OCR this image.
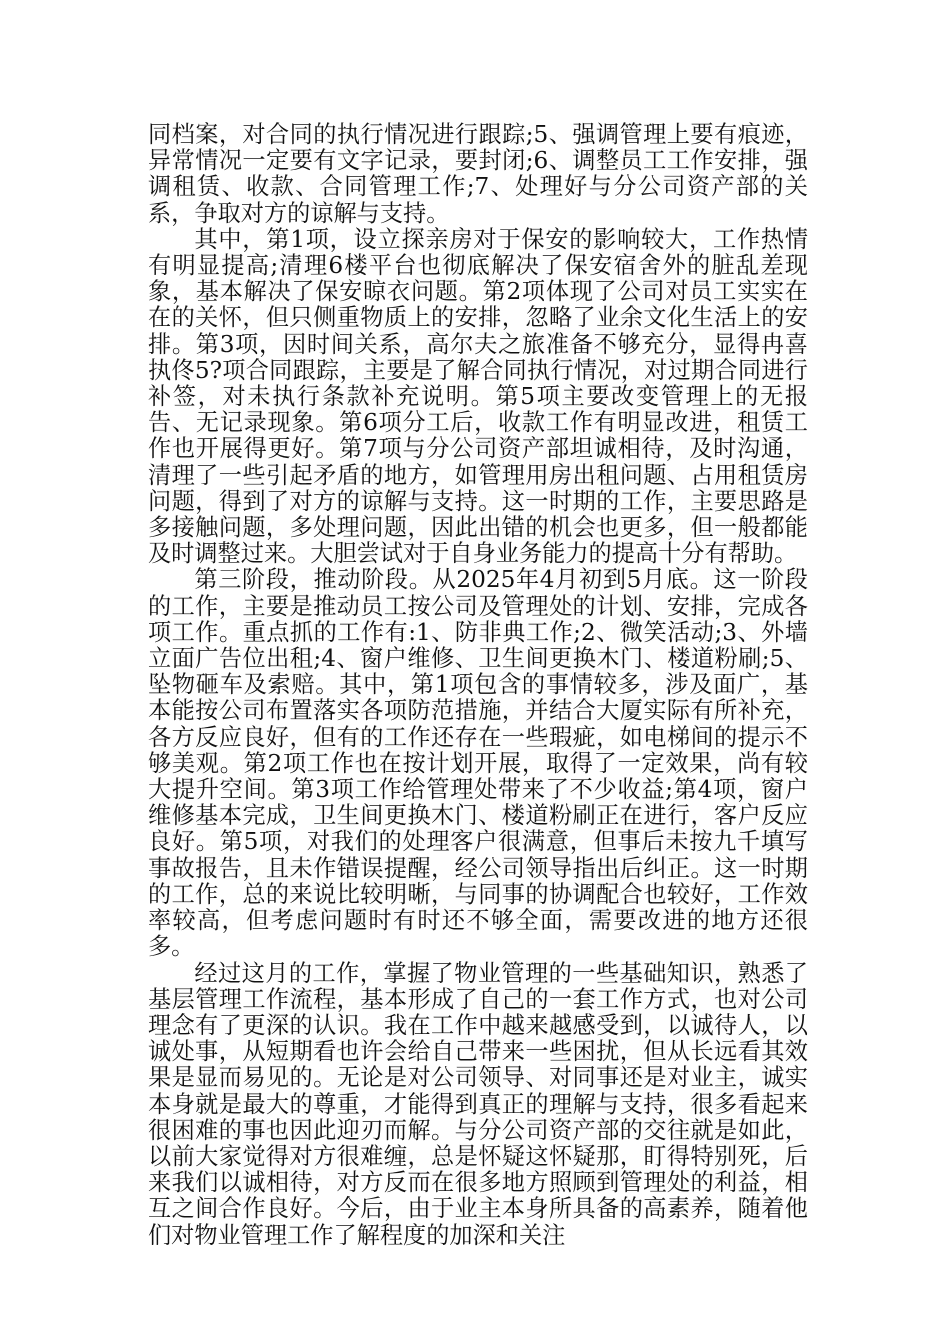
同档案，对合同的执行情况进行跟踪;5、强调管理上要有痕迹，异常情况一定要有文字记录，要封闭;6、调整员工工作安排，强调租赁、收款、合同管理工作;7、处理好与分公司资产部的关系，争取对方的谅解与支持。

其中，第1项，设立探亲房对于保安的影响较大，工作热情有明显提高;清理6楼平台也彻底解决了保安宿舍外的脏乱差现象，基本解决了保安晾衣问题。第2项体现了公司对员工实实在在的关怀，但只侧重物质上的安排，忽略了业余文化生活上的安排。第3项，因时间关系，高尔夫之旅准备不够充分，显得冉喜执佟5?项合同跟踪，主要是了解合同执行情况，对过期合同进行补签，对未执行条款补充说明。第5项主要改变管理上的无报告、无记录现象。第6项分工后，收款工作有明显改进，租赁工作也开展得更好。第7项与分公司资产部坦诚相待，及时沟通，清理了一些引起矛盾的地方，如管理用房出租问题、占用租赁房问题，得到了对方的谅解与支持。这一时期的工作，主要思路是多接触问题，多处理问题，因此出错的机会也更多，但一般都能及时调整过来。大胆尝试对于自身业务能力的提高十分有帮助。

第三阶段，推动阶段。从2025年4月初到5月底。这一阶段的工作，主要是推动员工按公司及管理处的计划、安排，完成各项工作。重点抓的工作有:1、防非典工作;2、微笑活动;3、外墙立面广告位出租;4、窗户维修、卫生间更换木门、楼道粉刷;5、坠物砸车及索赔。其中，第1项包含的事情较多，涉及面广，基本能按公司布置落实各项防范措施，并结合大厦实际有所补充，各方反应良好，但有的工作还存在一些瑕疵，如电梯间的提示不够美观。第2项工作也在按计划开展，取得了一定效果，尚有较大提升空间。第3项工作给管理处带来了不少收益;第4项，窗户维修基本完成，卫生间更换木门、楼道粉刷正在进行，客户反应良好。第5项，对我们的处理客户很满意，但事后未按九千填写事故报告，且未作错误提醒，经公司领导指出后纠正。这一时期的工作，总的来说比较明晰，与同事的协调配合也较好，工作效率较高，但考虑问题时有时还不够全面，需要改进的地方还很多。

经过这月的工作，掌握了物业管理的一些基础知识，熟悉了基层管理工作流程，基本形成了自己的一套工作方式，也对公司理念有了更深的认识。我在工作中越来越感受到，以诚待人，以诚处事，从短期看也许会给自己带来一些困扰，但从长远看其效果是显而易见的。无论是对公司领导、对同事还是对业主，诚实本身就是最大的尊重，才能得到真正的理解与支持，很多看起来很困难的事也因此迎刃而解。与分公司资产部的交往就是如此，以前大家觉得对方很难缠，总是怀疑这怀疑那，盯得特别死，后来我们以诚相待，对方反而在很多地方照顾到管理处的利益，相互之间合作良好。今后，由于业主本身所具备的高素养，随着他们对物业管理工作了解程度的加深和关注
